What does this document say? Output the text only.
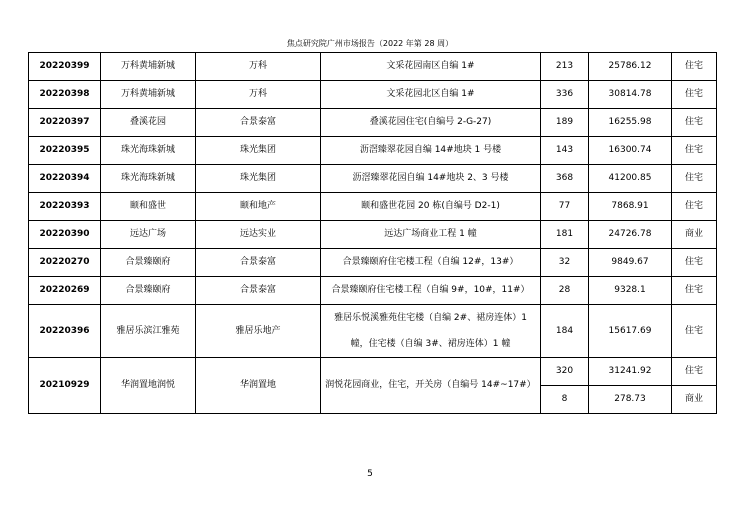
焦点研究院广州市场报告（2022 年第 28 周）
20220399	万科黄埔新城	万科	文采花园南区自编 1#	213	25786.12	住宅
20220398	万科黄埔新城	万科	文采花园北区自编 1#	336	30814.78	住宅
20220397	叠溪花园	合景泰富	叠溪花园住宅(自编号 2-G-27)	189	16255.98	住宅
20220395	珠光海珠新城	珠光集团	沥滘臻翠花园自编 14#地块 1 号楼	143	16300.74	住宅
20220394	珠光海珠新城	珠光集团	沥滘臻翠花园自编 14#地块 2、3 号楼	368	41200.85	住宅
20220393	颐和盛世	颐和地产	颐和盛世花园 20 栋(自编号 D2-1)	77	7868.91	住宅
20220390	远达广场	远达实业	远达广场商业工程 1 幢	181	24726.78	商业
20220270	合景臻颐府	合景泰富	合景臻颐府住宅楼工程（自编 12#，13#）	32	9849.67	住宅
20220269	合景臻颐府	合景泰富	合景臻颐府住宅楼工程（自编 9#，10#，11#）	28	9328.1	住宅
20220396	雅居乐滨江雅苑	雅居乐地产	雅居乐悦溪雅苑住宅楼（自编 2#、裙房连体）1
幢，住宅楼（自编 3#、裙房连体）1 幢	184	15617.69	住宅
20210929	华润置地润悦	华润置地	润悦花园商业，住宅，开关房（自编号 14#~17#）	320	31241.92	住宅
				8	278.73	商业
5
